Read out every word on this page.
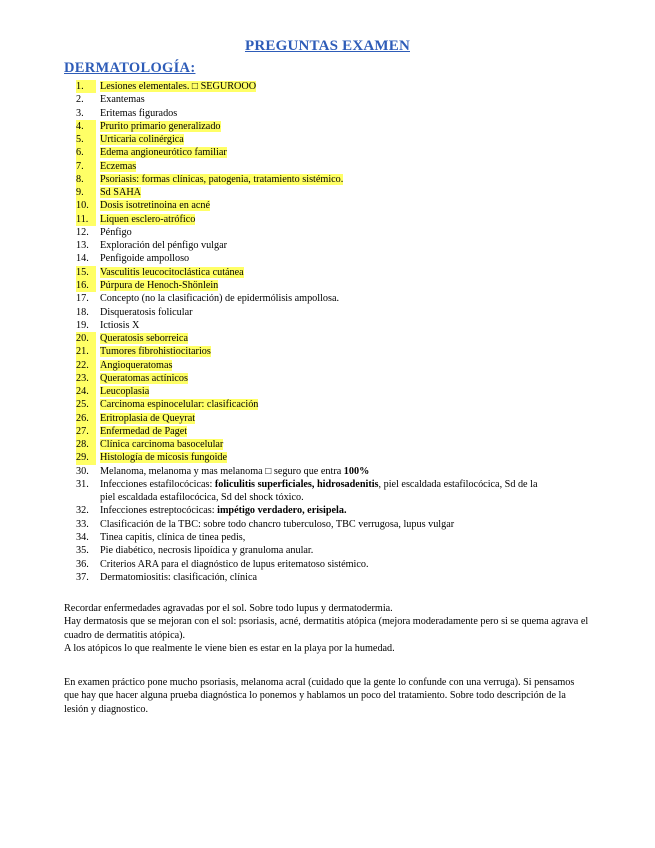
PREGUNTAS EXAMEN
DERMATOLOGÍA:
1.	Lesiones elementales. □ SEGUROOO
2.	Exantemas
3.	Eritemas figurados
4.	Prurito primario generalizado
5.	Urticaria colinérgica
6.	Edema angioneurótico familiar
7.	Eczemas
8.	Psoriasis: formas clínicas, patogenia, tratamiento sistémico.
9.	Sd SAHA
10.	Dosis isotretinoina en acné
11.	Liquen esclero-atrófico
12.	Pénfigo
13.	Exploración del pénfigo vulgar
14.	Penfigoide ampolloso
15.	Vasculitis leucocitoclástica cutánea
16.	Púrpura de Henoch-Shönlein
17.	Concepto (no la clasificación) de epidermólisis ampollosa.
18.	Disqueratosis folicular
19.	Ictiosis X
20.	Queratosis seborreica
21.	Tumores fibrohistiocitarios
22.	Angioqueratomas
23.	Queratomas actínicos
24.	Leucoplasia
25.	Carcinoma espinocelular: clasificación
26.	Eritroplasia de Queyrat
27.	Enfermedad de Paget
28.	Clínica carcinoma basocelular
29.	Histología de micosis fungoide
30.	Melanoma, melanoma y mas melanoma □ seguro que entra 100%
31.	Infecciones estafilocócicas: foliculitis superficiales, hidrosadenitis, piel escaldada estafilocócica, Sd de la piel escaldada estafilocócica, Sd del shock tóxico.
32.	Infecciones estreptocócicas: impétigo verdadero, erisipela.
33.	Clasificación de la TBC: sobre todo chancro tuberculoso, TBC verrugosa, lupus vulgar
34.	Tinea capitis, clínica de tinea pedis,
35.	Pie diabético, necrosis lipoídica y granuloma anular.
36.	Criterios ARA para el diagnóstico de lupus eritematoso sistémico.
37.	Dermatomiositis: clasificación, clínica
Recordar enfermedades agravadas por el sol. Sobre todo lupus y dermatodermia.
Hay dermatosis que se mejoran con el sol: psoriasis, acné, dermatitis atópica (mejora moderadamente pero si se quema agrava el cuadro de dermatitis atópica).
A los atópicos lo que realmente le viene bien es estar en la playa por la humedad.
En examen práctico pone mucho psoriasis, melanoma acral (cuidado que la gente lo confunde con una verruga). Si pensamos que hay que hacer alguna prueba diagnóstica lo ponemos y hablamos un poco del tratamiento. Sobre todo descripción de la lesión y diagnostico.
